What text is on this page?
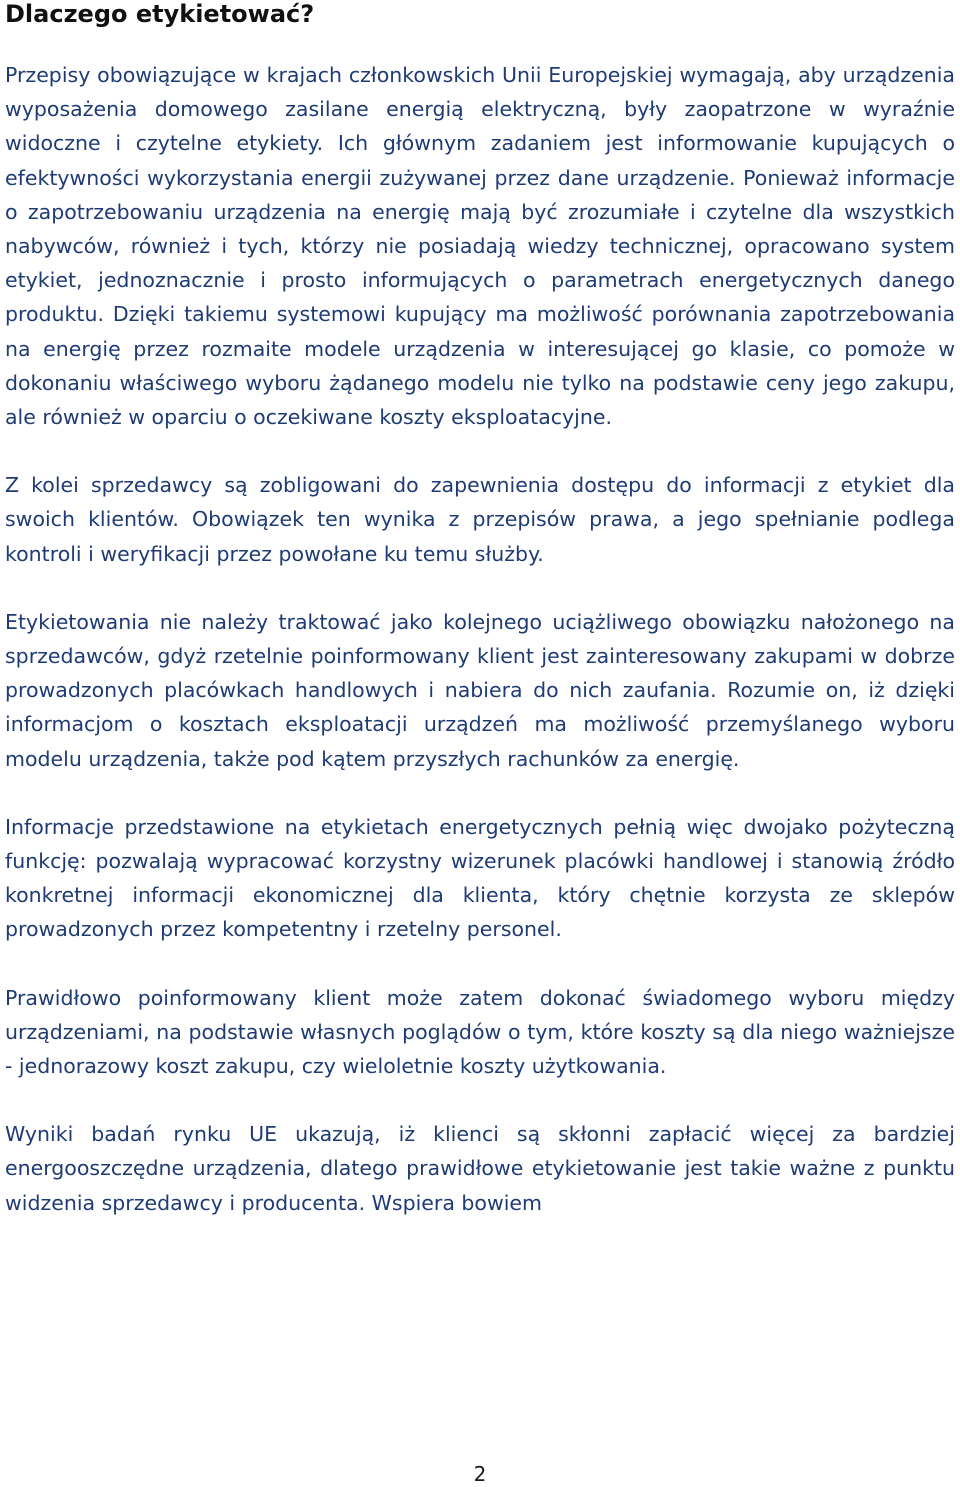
Dlaczego etykietować?

Przepisy obowiązujące w krajach członkowskich Unii Europejskiej wymagają, aby urządzenia wyposażenia domowego zasilane energią elektryczną, były zaopatrzone w wyraźnie widoczne i czytelne etykiety. Ich głównym zadaniem jest informowanie kupujących o efektywności wykorzystania energii zużywanej przez dane urządzenie. Ponieważ informacje o zapotrzebowaniu urządzenia na energię mają być zrozumiałe i czytelne dla wszystkich nabywców, również i tych, którzy nie posiadają wiedzy technicznej, opracowano system etykiet, jednoznacznie i prosto informujących o parametrach energetycznych danego produktu. Dzięki takiemu systemowi kupujący ma możliwość porównania zapotrzebowania na energię przez rozmaite modele urządzenia w interesującej go klasie, co pomoże w dokonaniu właściwego wyboru żądanego modelu nie tylko na podstawie ceny jego zakupu, ale również w oparciu o oczekiwane koszty eksploatacyjne.

Z kolei sprzedawcy są zobligowani do zapewnienia dostępu do informacji z etykiet dla swoich klientów. Obowiązek ten wynika z przepisów prawa, a jego spełnianie podlega kontroli i weryfikacji przez powołane ku temu służby.

Etykietowania nie należy traktować jako kolejnego uciążliwego obowiązku nałożonego na sprzedawców, gdyż rzetelnie poinformowany klient jest zainteresowany zakupami w dobrze prowadzonych placówkach handlowych i nabiera do nich zaufania. Rozumie on, iż dzięki informacjom o kosztach eksploatacji urządzeń ma możliwość przemyślanego wyboru modelu urządzenia, także pod kątem przyszłych rachunków za energię.

Informacje przedstawione na etykietach energetycznych pełnią więc dwojako pożyteczną funkcję: pozwalają wypracować korzystny wizerunek placówki handlowej i stanowią źródło konkretnej informacji ekonomicznej dla klienta, który chętnie korzysta ze sklepów prowadzonych przez kompetentny i rzetelny personel.

Prawidłowo poinformowany klient może zatem dokonać świadomego wyboru między urządzeniami, na podstawie własnych poglądów o tym, które koszty są dla niego ważniejsze - jednorazowy koszt zakupu, czy wieloletnie koszty użytkowania.

Wyniki badań rynku UE ukazują, iż klienci są skłonni zapłacić więcej za bardziej energooszczędne urządzenia, dlatego prawidłowe etykietowanie jest takie ważne z punktu widzenia sprzedawcy i producenta. Wspiera bowiem

2
